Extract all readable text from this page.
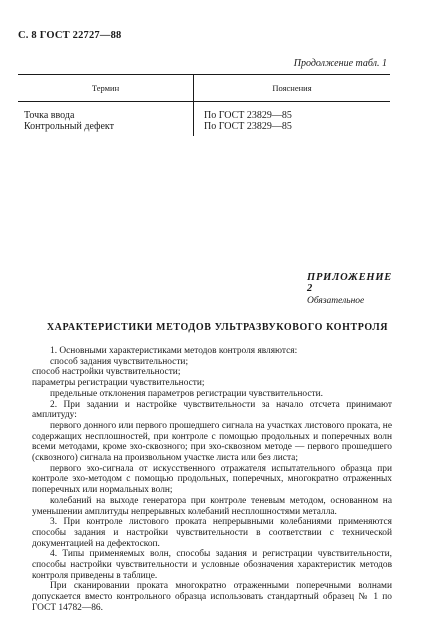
С. 8 ГОСТ 22727—88
Продолжение табл. 1
Термин	Пояснения
Точка ввода
Контрольный дефект
По ГОСТ 23829—85
По ГОСТ 23829—85
ПРИЛОЖЕНИЕ 2
Обязательное
ХАРАКТЕРИСТИКИ МЕТОДОВ УЛЬТРАЗВУКОВОГО КОНТРОЛЯ

1. Основными характеристиками методов контроля являются:

способ задания чувствительности;

способ настройки чувствительности;

параметры регистрации чувствительности;

предельные отклонения параметров регистрации чувствительности.

2. При задании и настройке чувствительности за начало отсчета принимают амплитуду:

первого донного или первого прошедшего сигнала на участках листового проката, не содержащих несплошностей, при контроле с помощью продольных и поперечных волн всеми методами, кроме эхо-сквозного; при эхо-сквозном методе — первого прошедшего (сквозного) сигнала на произвольном участке листа или без листа;

первого эхо-сигнала от искусственного отражателя испытательного образца при контроле эхо-методом с помощью продольных, поперечных, многократно отраженных поперечных или нормальных волн;

колебаний на выходе генератора при контроле теневым методом, основанном на уменьшении амплитуды непрерывных колебаний несплошностями металла.

3. При контроле листового проката непрерывными колебаниями применяются способы задания и настройки чувствительности в соответствии с технической документацией на дефектоскоп.

4. Типы применяемых волн, способы задания и регистрации чувствительности, способы настройки чувствительности и условные обозначения характеристик методов контроля приведены в таблице.

При сканировании проката многократно отраженными поперечными волнами допускается вместо контрольного образца использовать стандартный образец № 1 по ГОСТ 14782—86.
